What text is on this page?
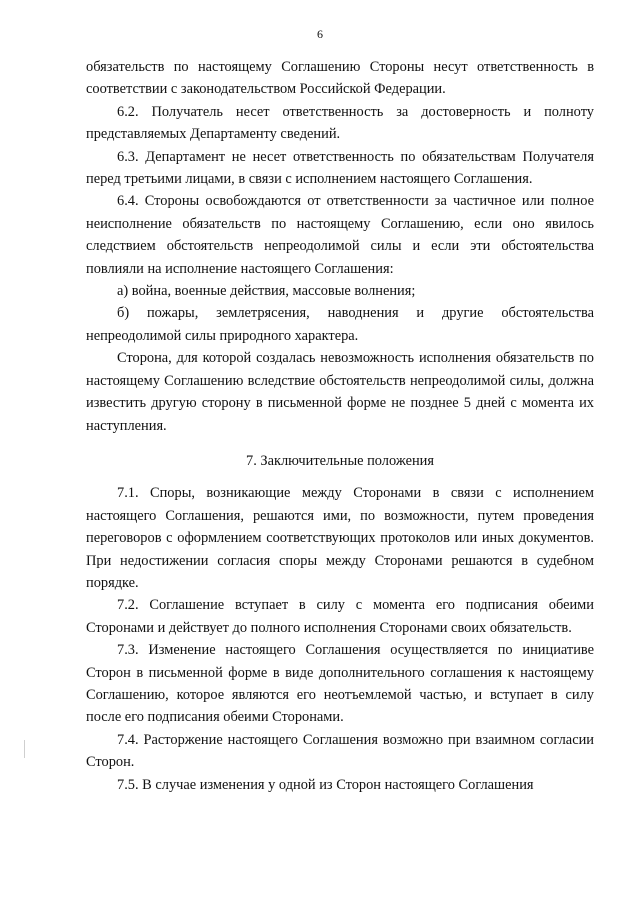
6

обязательств по настоящему Соглашению Стороны несут ответственность в соответствии с законодательством Российской Федерации.

6.2. Получатель несет ответственность за достоверность и полноту представляемых Департаменту сведений.

6.3. Департамент не несет ответственность по обязательствам Получателя перед третьими лицами, в связи с исполнением настоящего Соглашения.

6.4. Стороны освобождаются от ответственности за частичное или полное неисполнение обязательств по настоящему Соглашению, если оно явилось следствием обстоятельств непреодолимой силы и если эти обстоятельства повлияли на исполнение настоящего Соглашения:

а) война, военные действия, массовые волнения;

б) пожары, землетрясения, наводнения и другие обстоятельства непреодолимой силы природного характера.

Сторона, для которой создалась невозможность исполнения обязательств по настоящему Соглашению вследствие обстоятельств непреодолимой силы, должна известить другую сторону в письменной форме не позднее 5 дней с момента их наступления.

7. Заключительные положения

7.1. Споры, возникающие между Сторонами в связи с исполнением настоящего Соглашения, решаются ими, по возможности, путем проведения переговоров с оформлением соответствующих протоколов или иных документов. При недостижении согласия споры между Сторонами решаются в судебном порядке.

7.2. Соглашение вступает в силу с момента его подписания обеими Сторонами и действует до полного исполнения Сторонами своих обязательств.

7.3. Изменение настоящего Соглашения осуществляется по инициативе Сторон в письменной форме в виде дополнительного соглашения к настоящему Соглашению, которое являются его неотъемлемой частью, и вступает в силу после его подписания обеими Сторонами.

7.4. Расторжение настоящего Соглашения возможно при взаимном согласии Сторон.

7.5. В случае изменения у одной из Сторон настоящего Соглашения
